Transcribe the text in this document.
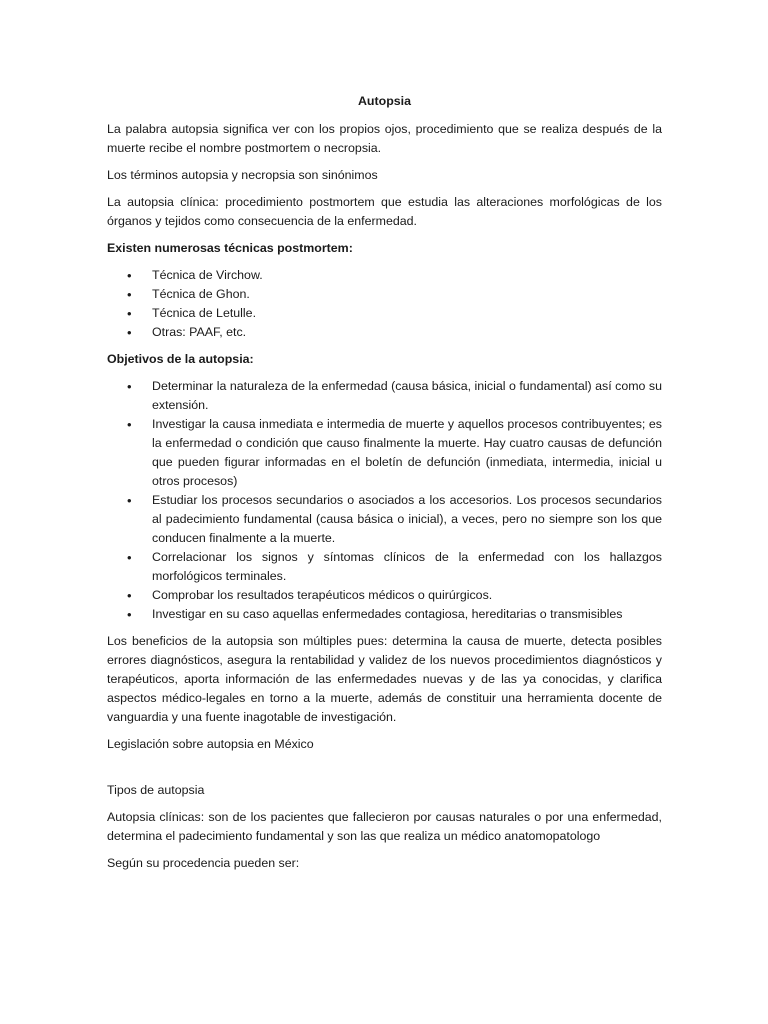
Autopsia

La palabra autopsia significa ver con los propios ojos, procedimiento que se realiza después de la muerte recibe el nombre postmortem o necropsia.

Los términos autopsia y necropsia son sinónimos

La autopsia clínica: procedimiento postmortem que estudia las alteraciones morfológicas de los órganos y tejidos como consecuencia de la enfermedad.

Existen numerosas técnicas postmortem:

• Técnica de Virchow.
• Técnica de Ghon.
• Técnica de Letulle.
• Otras: PAAF, etc.

Objetivos de la autopsia:

• Determinar la naturaleza de la enfermedad (causa básica, inicial o fundamental) así como su extensión.
• Investigar la causa inmediata e intermedia de muerte y aquellos procesos contribuyentes; es la enfermedad o condición que causo finalmente la muerte. Hay cuatro causas de defunción que pueden figurar informadas en el boletín de defunción (inmediata, intermedia, inicial u otros procesos)
• Estudiar los procesos secundarios o asociados a los accesorios. Los procesos secundarios al padecimiento fundamental (causa básica o inicial), a veces, pero no siempre son los que conducen finalmente a la muerte.
• Correlacionar los signos y síntomas clínicos de la enfermedad con los hallazgos morfológicos terminales.
• Comprobar los resultados terapéuticos médicos o quirúrgicos.
• Investigar en su caso aquellas enfermedades contagiosa, hereditarias o transmisibles

Los beneficios de la autopsia son múltiples pues: determina la causa de muerte, detecta posibles errores diagnósticos, asegura la rentabilidad y validez de los nuevos procedimientos diagnósticos y terapéuticos, aporta información de las enfermedades nuevas y de las ya conocidas, y clarifica aspectos médico-legales en torno a la muerte, además de constituir una herramienta docente de vanguardia y una fuente inagotable de investigación.

Legislación sobre autopsia en México

Tipos de autopsia

Autopsia clínicas: son de los pacientes que fallecieron por causas naturales o por una enfermedad, determina el padecimiento fundamental y son las que realiza un médico anatomopatologo

Según su procedencia pueden ser:
